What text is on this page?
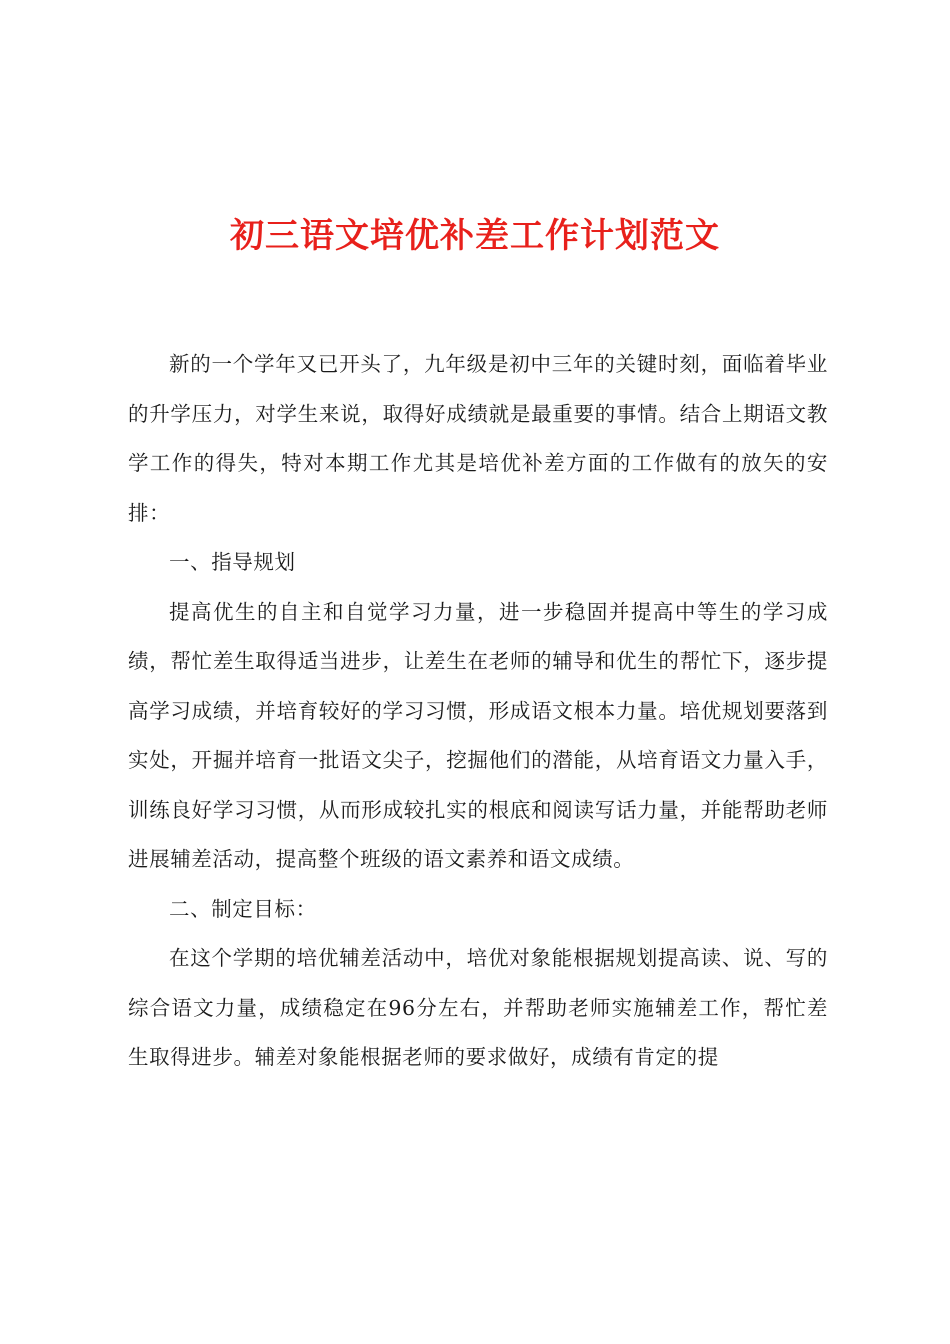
初三语文培优补差工作计划范文

新的一个学年又已开头了，九年级是初中三年的关键时刻，面临着毕业的升学压力，对学生来说，取得好成绩就是最重要的事情。结合上期语文教学工作的得失，特对本期工作尤其是培优补差方面的工作做有的放矢的安排：

一、指导规划

提高优生的自主和自觉学习力量，进一步稳固并提高中等生的学习成绩，帮忙差生取得适当进步，让差生在老师的辅导和优生的帮忙下，逐步提高学习成绩，并培育较好的学习习惯，形成语文根本力量。培优规划要落到实处，开掘并培育一批语文尖子，挖掘他们的潜能，从培育语文力量入手，训练良好学习习惯，从而形成较扎实的根底和阅读写话力量，并能帮助老师进展辅差活动，提高整个班级的语文素养和语文成绩。

二、制定目标：

在这个学期的培优辅差活动中，培优对象能根据规划提高读、说、写的综合语文力量，成绩稳定在96分左右，并帮助老师实施辅差工作，帮忙差生取得进步。辅差对象能根据老师的要求做好，成绩有肯定的提
